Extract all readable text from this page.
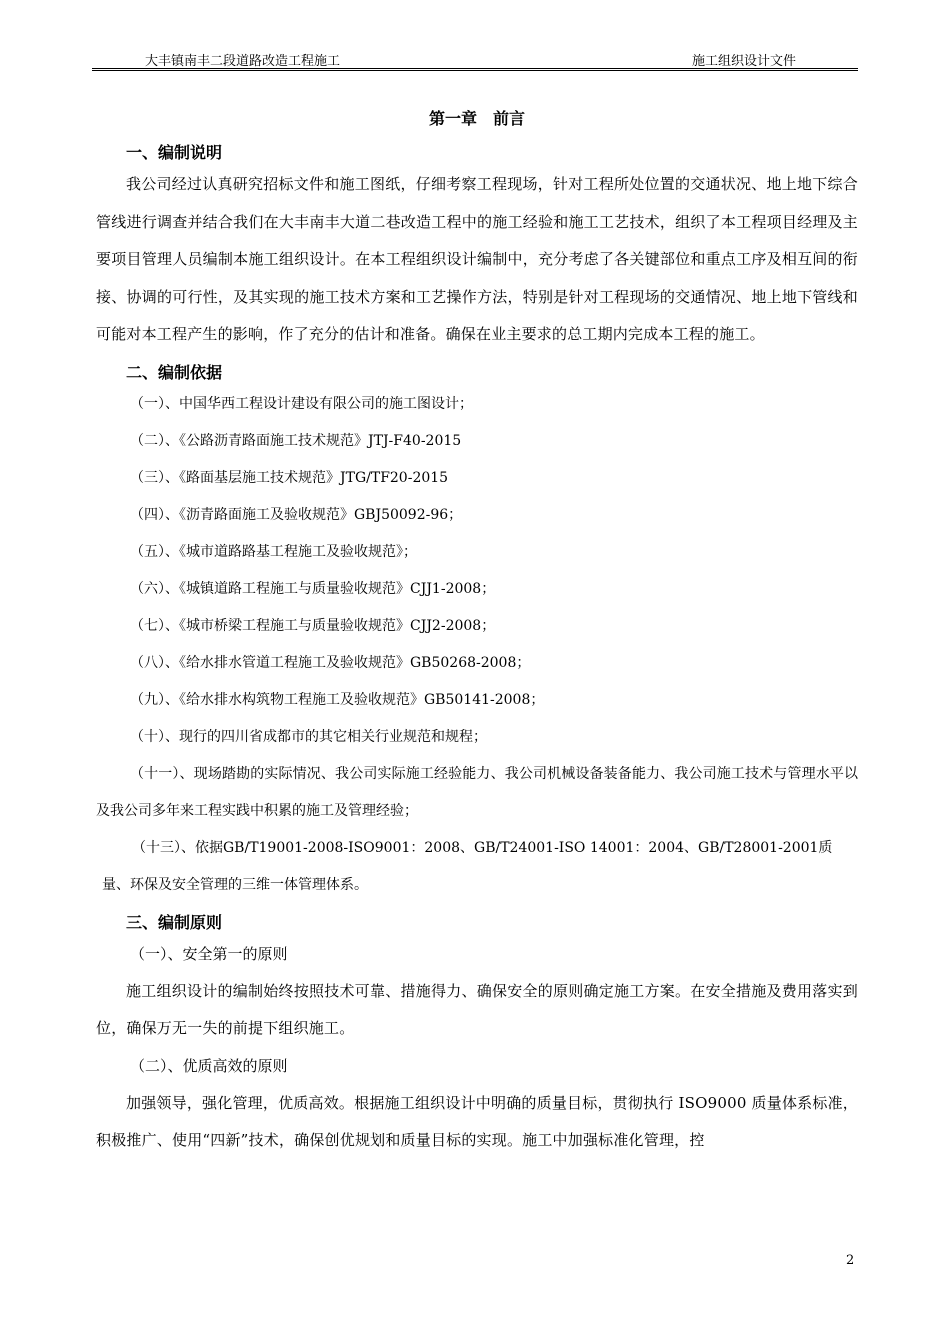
大丰镇南丰二段道路改造工程施工	施工组织设计文件
第一章　前言
一、编制说明

我公司经过认真研究招标文件和施工图纸，仔细考察工程现场，针对工程所处位置的交通状况、地上地下综合管线进行调查并结合我们在大丰南丰大道二巷改造工程中的施工经验和施工工艺技术，组织了本工程项目经理及主要项目管理人员编制本施工组织设计。在本工程组织设计编制中，充分考虑了各关键部位和重点工序及相互间的衔接、协调的可行性，及其实现的施工技术方案和工艺操作方法，特别是针对工程现场的交通情况、地上地下管线和可能对本工程产生的影响，作了充分的估计和准备。确保在业主要求的总工期内完成本工程的施工。

二、编制依据

（一）、中国华西工程设计建设有限公司的施工图设计；

（二）、《公路沥青路面施工技术规范》JTJ-F40-2015

（三）、《路面基层施工技术规范》JTG/TF20-2015

（四）、《沥青路面施工及验收规范》GBJ50092-96；

（五）、《城市道路路基工程施工及验收规范》；

（六）、《城镇道路工程施工与质量验收规范》CJJ1-2008；

（七）、《城市桥梁工程施工与质量验收规范》CJJ2-2008；

（八）、《给水排水管道工程施工及验收规范》GB50268-2008；

（九）、《给水排水构筑物工程施工及验收规范》GB50141-2008；

（十）、现行的四川省成都市的其它相关行业规范和规程；

（十一）、现场踏勘的实际情况、我公司实际施工经验能力、我公司机械设备装备能力、我公司施工技术与管理水平以及我公司多年来工程实践中积累的施工及管理经验；

（十三）、依据GB/T19001-2008-ISO9001：2008、GB/T24001-ISO 14001：2004、GB/T28001-2001质量、环保及安全管理的三维一体管理体系。

三、编制原则

（一）、安全第一的原则

施工组织设计的编制始终按照技术可靠、措施得力、确保安全的原则确定施工方案。在安全措施及费用落实到位，确保万无一失的前提下组织施工。

（二）、优质高效的原则

加强领导，强化管理，优质高效。根据施工组织设计中明确的质量目标，贯彻执行 ISO9000 质量体系标准，积极推广、使用“四新”技术，确保创优规划和质量目标的实现。施工中加强标准化管理，控

2
